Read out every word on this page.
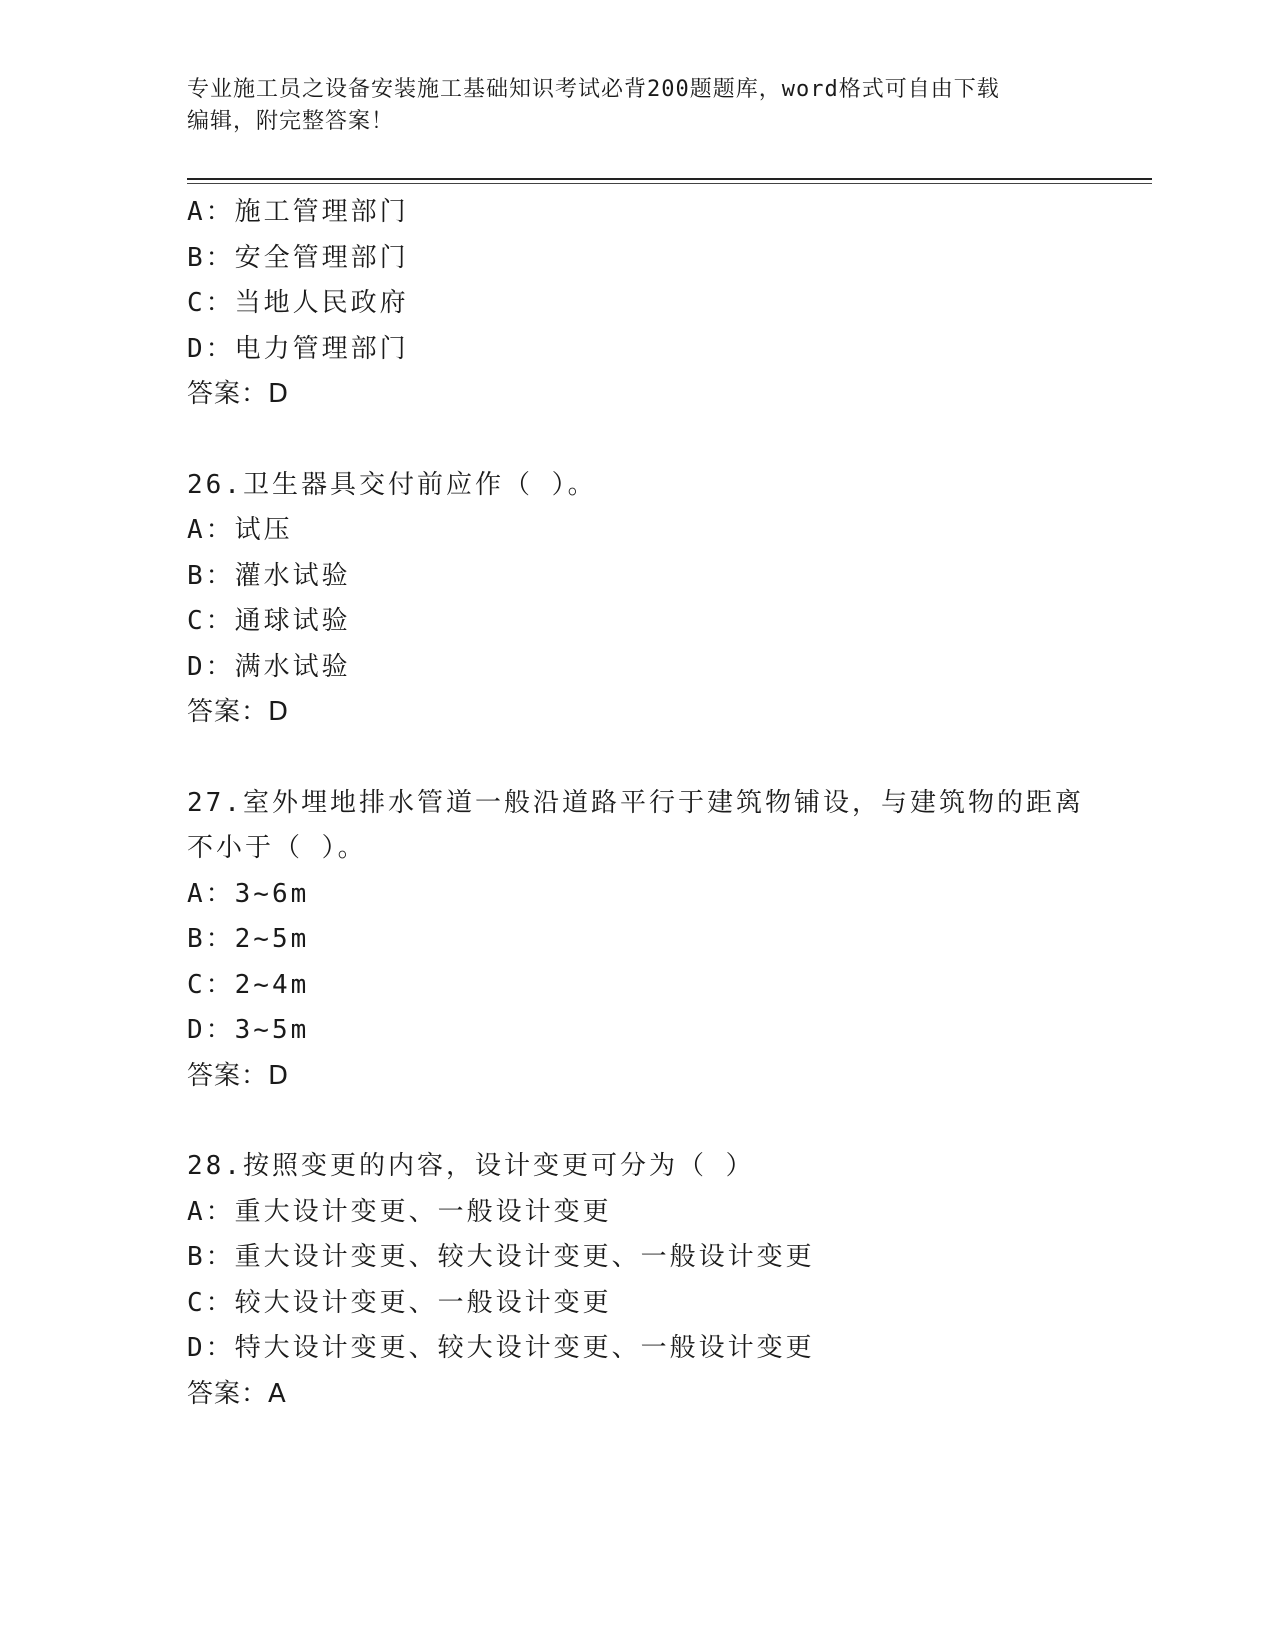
专业施工员之设备安装施工基础知识考试必背200题题库，word格式可自由下载
编辑，附完整答案！
A：施工管理部门
B：安全管理部门
C：当地人民政府
D：电力管理部门
答案：D
26.卫生器具交付前应作（ ）。
A：试压
B：灌水试验
C：通球试验
D：满水试验
答案：D
27.室外埋地排水管道一般沿道路平行于建筑物铺设，与建筑物的距离
不小于（ ）。
A：3~6m
B：2~5m
C：2~4m
D：3~5m
答案：D
28.按照变更的内容，设计变更可分为（ ）
A：重大设计变更、一般设计变更
B：重大设计变更、较大设计变更、一般设计变更
C：较大设计变更、一般设计变更
D：特大设计变更、较大设计变更、一般设计变更
答案：A
